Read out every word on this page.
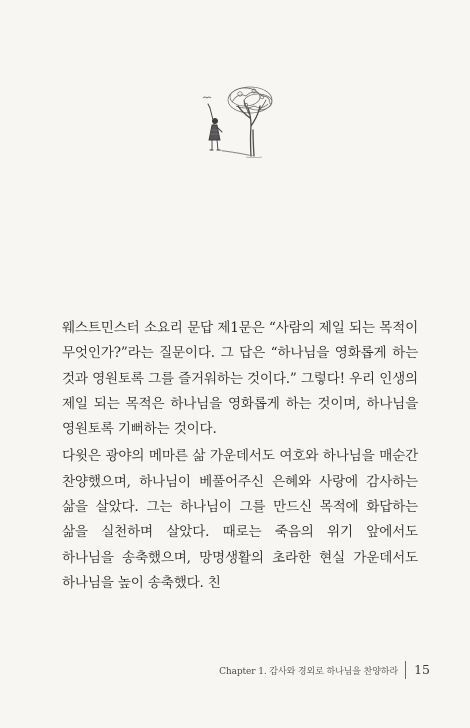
웨스트민스터 소요리 문답 제1문은 “사람의 제일 되는 목적이 무엇인가?”라는 질문이다. 그 답은 “하나님을 영화롭게 하는 것과 영원토록 그를 즐거워하는 것이다.” 그렇다! 우리 인생의 제일 되는 목적은 하나님을 영화롭게 하는 것이며, 하나님을 영원토록 기뻐하는 것이다.

다윗은 광야의 메마른 삶 가운데서도 여호와 하나님을 매순간 찬양했으며, 하나님이 베풀어주신 은혜와 사랑에 감사하는 삶을 살았다. 그는 하나님이 그를 만드신 목적에 화답하는 삶을 실천하며 살았다. 때로는 죽음의 위기 앞에서도 하나님을 송축했으며, 망명생활의 초라한 현실 가운데서도 하나님을 높이 송축했다. 친

Chapter 1. 감사와 경외로 하나님을 찬양하라 15
